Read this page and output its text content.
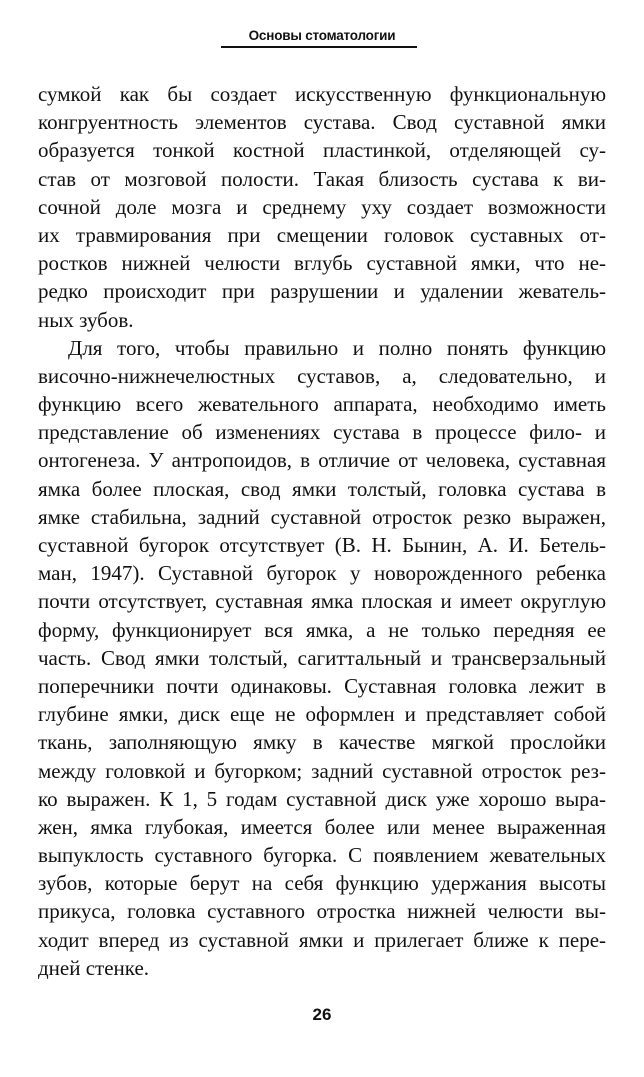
Основы стоматологии
сумкой как бы создает искусственную функциональную
конгруентность элементов сустава. Свод суставной ямки
образуется тонкой костной пластинкой, отделяющей су-
став от мозговой полости. Такая близость сустава к ви-
сочной доле мозга и среднему уху создает возможности
их травмирования при смещении головок суставных от-
ростков нижней челюсти вглубь суставной ямки, что не-
редко происходит при разрушении и удалении жеватель-
ных зубов.
Для того, чтобы правильно и полно понять функцию
височно-нижнечелюстных суставов, а, следовательно, и
функцию всего жевательного аппарата, необходимо иметь
представление об изменениях сустава в процессе фило- и
онтогенеза. У антропоидов, в отличие от человека, суставная
ямка более плоская, свод ямки толстый, головка сустава в
ямке стабильна, задний суставной отросток резко выражен,
суставной бугорок отсутствует (В. Н. Бынин, А. И. Бетель-
ман, 1947). Суставной бугорок у новорожденного ребенка
почти отсутствует, суставная ямка плоская и имеет округлую
форму, функционирует вся ямка, а не только передняя ее
часть. Свод ямки толстый, сагиттальный и трансверзальный
поперечники почти одинаковы. Суставная головка лежит в
глубине ямки, диск еще не оформлен и представляет собой
ткань, заполняющую ямку в качестве мягкой прослойки
между головкой и бугорком; задний суставной отросток рез-
ко выражен. К 1, 5 годам суставной диск уже хорошо выра-
жен, ямка глубокая, имеется более или менее выраженная
выпуклость суставного бугорка. С появлением жевательных
зубов, которые берут на себя функцию удержания высоты
прикуса, головка суставного отростка нижней челюсти вы-
ходит вперед из суставной ямки и прилегает ближе к пере-
дней стенке.
26
